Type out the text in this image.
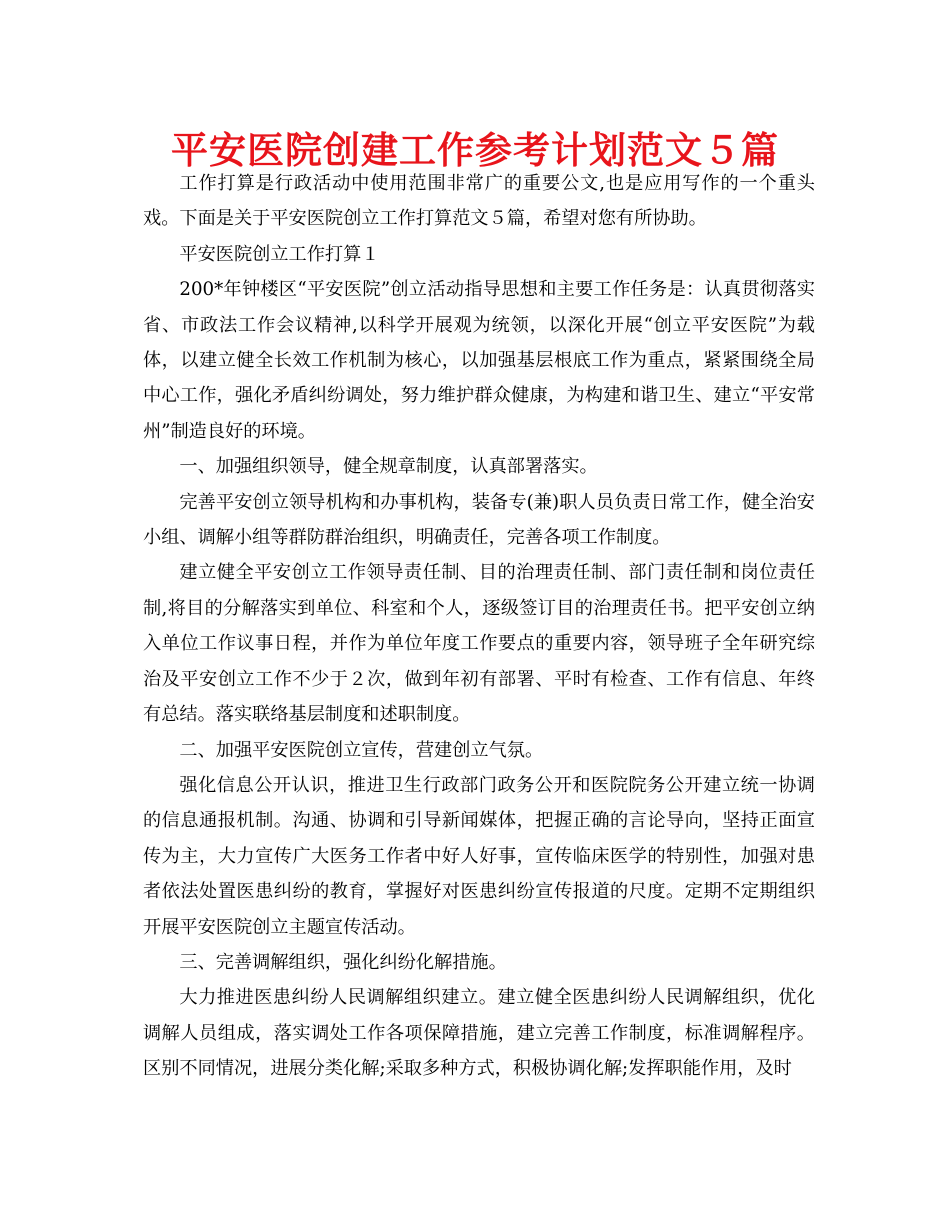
平安医院创建工作参考计划范文５篇

工作打算是行政活动中使用范围非常广的重要公文,也是应用写作的一个重头戏。下面是关于平安医院创立工作打算范文５篇，希望对您有所协助。

平安医院创立工作打算１

200*年钟楼区“平安医院”创立活动指导思想和主要工作任务是：认真贯彻落实省、市政法工作会议精神,以科学开展观为统领，以深化开展“创立平安医院”为载体，以建立健全长效工作机制为核心，以加强基层根底工作为重点，紧紧围绕全局中心工作，强化矛盾纠纷调处，努力维护群众健康，为构建和谐卫生、建立“平安常州”制造良好的环境。

一、加强组织领导，健全规章制度，认真部署落实。

完善平安创立领导机构和办事机构，装备专(兼)职人员负责日常工作，健全治安小组、调解小组等群防群治组织，明确责任，完善各项工作制度。

建立健全平安创立工作领导责任制、目的治理责任制、部门责任制和岗位责任制,将目的分解落实到单位、科室和个人，逐级签订目的治理责任书。把平安创立纳入单位工作议事日程，并作为单位年度工作要点的重要内容，领导班子全年研究综治及平安创立工作不少于２次，做到年初有部署、平时有检查、工作有信息、年终有总结。落实联络基层制度和述职制度。

二、加强平安医院创立宣传，营建创立气氛。

强化信息公开认识，推进卫生行政部门政务公开和医院院务公开建立统一协调的信息通报机制。沟通、协调和引导新闻媒体，把握正确的言论导向，坚持正面宣传为主，大力宣传广大医务工作者中好人好事，宣传临床医学的特别性，加强对患者依法处置医患纠纷的教育，掌握好对医患纠纷宣传报道的尺度。定期不定期组织开展平安医院创立主题宣传活动。

三、完善调解组织，强化纠纷化解措施。

大力推进医患纠纷人民调解组织建立。建立健全医患纠纷人民调解组织，优化调解人员组成，落实调处工作各项保障措施，建立完善工作制度，标准调解程序。区别不同情况，进展分类化解;采取多种方式，积极协调化解;发挥职能作用，及时
